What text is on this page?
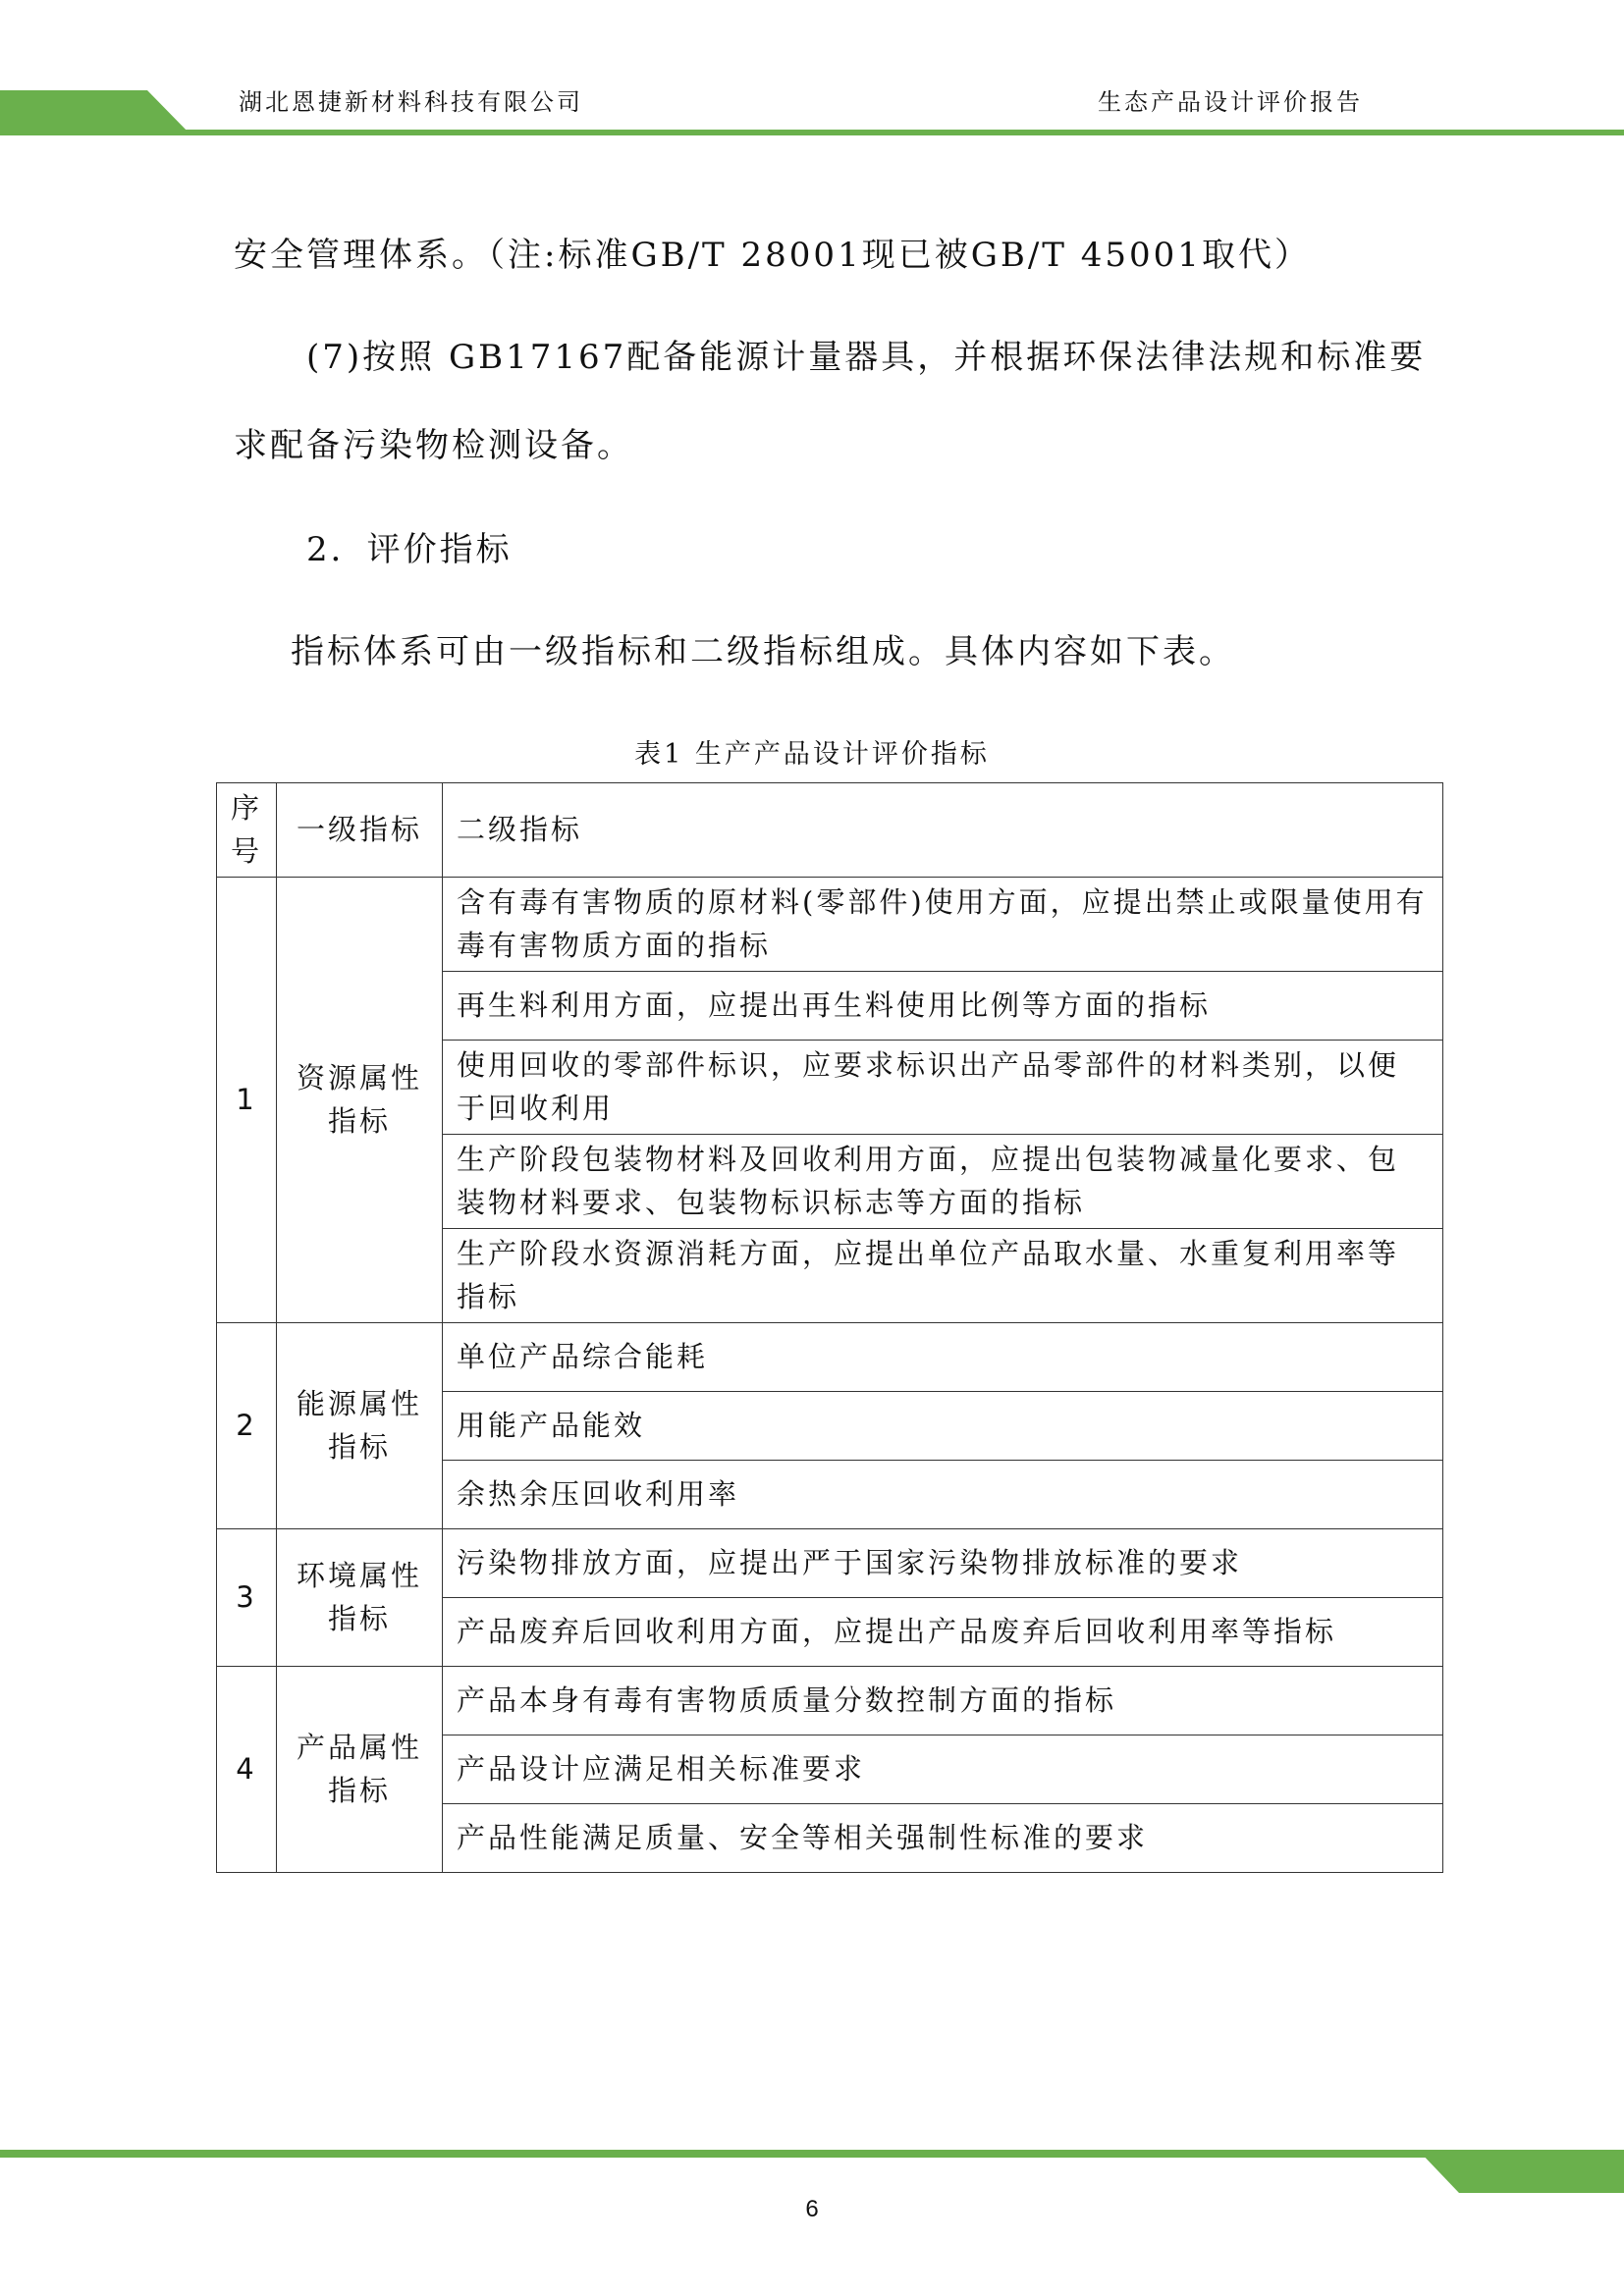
湖北恩捷新材料科技有限公司	生态产品设计评价报告
安全管理体系。（注:标准GB/T 28001现已被GB/T 45001取代）
(7)按照 GB17167配备能源计量器具，并根据环保法律法规和标准要
求配备污染物检测设备。
2．评价指标
指标体系可由一级指标和二级指标组成。具体内容如下表。
表1 生产产品设计评价指标
序号	一级指标	二级指标
1	资源属性指标	含有毒有害物质的原材料(零部件)使用方面，应提出禁止或限量使用有毒有害物质方面的指标
		再生料利用方面，应提出再生料使用比例等方面的指标
		使用回收的零部件标识，应要求标识出产品零部件的材料类别，以便于回收利用
		生产阶段包装物材料及回收利用方面，应提出包装物减量化要求、包装物材料要求、包装物标识标志等方面的指标
		生产阶段水资源消耗方面，应提出单位产品取水量、水重复利用率等指标
2	能源属性指标	单位产品综合能耗
		用能产品能效
		余热余压回收利用率
3	环境属性指标	污染物排放方面，应提出严于国家污染物排放标准的要求
		产品废弃后回收利用方面，应提出产品废弃后回收利用率等指标
4	产品属性指标	产品本身有毒有害物质质量分数控制方面的指标
		产品设计应满足相关标准要求
		产品性能满足质量、安全等相关强制性标准的要求
6
